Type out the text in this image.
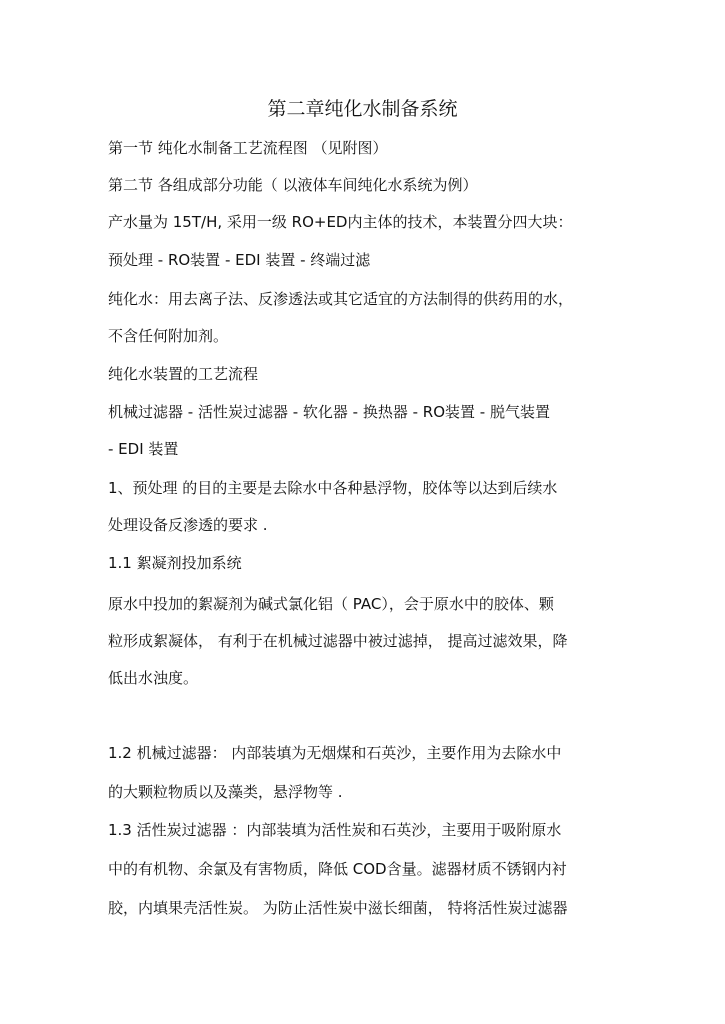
第二章纯化水制备系统
第一节 纯化水制备工艺流程图 （见附图）
第二节 各组成部分功能（ 以液体车间纯化水系统为例）
产水量为 15T/H, 采用一级 RO+ED内主体的技术，本装置分四大块：
预处理 - RO装置 - EDI 装置 - 终端过滤
纯化水：用去离子法、反渗透法或其它适宜的方法制得的供药用的水，
不含任何附加剂。
纯化水装置的工艺流程
机械过滤器 - 活性炭过滤器 - 软化器 - 换热器 - RO装置 - 脱气装置
- EDI 装置
1、预处理 的目的主要是去除水中各种悬浮物，胶体等以达到后续水
处理设备反渗透的要求 .
1.1 絮凝剂投加系统
原水中投加的絮凝剂为碱式氯化铝（ PAC），会于原水中的胶体、颗
粒形成絮凝体， 有利于在机械过滤器中被过滤掉， 提高过滤效果，降
低出水浊度。
1.2 机械过滤器： 内部装填为无烟煤和石英沙，主要作用为去除水中
的大颗粒物质以及藻类，悬浮物等 .
1.3 活性炭过滤器 ：内部装填为活性炭和石英沙，主要用于吸附原水
中的有机物、余氯及有害物质，降低 COD含量。滤器材质不锈钢内衬
胶，内填果壳活性炭。 为防止活性炭中滋长细菌， 特将活性炭过滤器
